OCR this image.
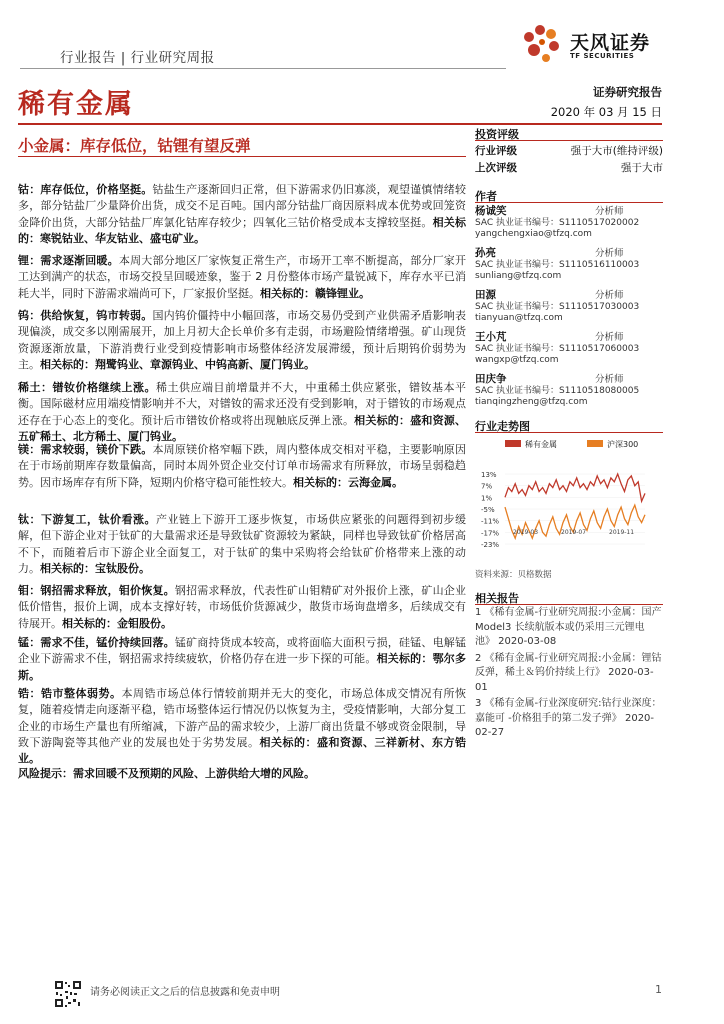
行业报告 | 行业研究周报
天风证券
TF SECURITIES
稀有金属	证券研究报告
2020 年 03 月 15 日
小金属：库存低位，钴锂有望反弹
钴：库存低位，价格坚挺。钴盐生产逐渐回归正常，但下游需求仍旧寡淡，观望谨慎情绪较多，部分钴盐厂少量降价出货，成交不足百吨。国内部分钴盐厂商因原料成本优势或回笼资金降价出货，大部分钴盐厂库氯化钴库存较少；四氧化三钴价格受成本支撑较坚挺。相关标的：寒锐钴业、华友钴业、盛屯矿业。
锂：需求逐渐回暖。本周大部分地区厂家恢复正常生产，市场开工率不断提高，部分厂家开工达到满产的状态，市场交投呈回暖迹象，鉴于 2 月份整体市场产量锐减下，库存水平已消耗大半，同时下游需求端尚可下，厂家报价坚挺。相关标的：赣锋锂业。
钨：供给恢复，钨市转弱。国内钨价僵持中小幅回落，市场交易仍受到产业供需矛盾影响表现偏淡，成交多以刚需展开，加上月初大企长单价多有走弱，市场避险情绪增强。矿山现货资源逐渐放量，下游消费行业受到疫情影响市场整体经济发展滞缓，预计后期钨价弱势为主。相关标的：翔鹭钨业、章源钨业、中钨高新、厦门钨业。
稀土：镨钕价格继续上涨。稀土供应端目前增量并不大，中重稀土供应紧张，镨钕基本平衡。国际磁材应用端疫情影响并不大，对镨钕的需求还没有受到影响，对于镨钕的市场观点还存在于心态上的变化。预计后市镨钕价格或将出现触底反弹上涨。相关标的：盛和资源、五矿稀土、北方稀土、厦门钨业。
镁：需求较弱，镁价下跌。本周原镁价格窄幅下跌，周内整体成交相对平稳，主要影响原因在于市场前期库存数量偏高，同时本周外贸企业交付订单市场需求有所释放，市场呈弱稳趋势。因市场库存有所下降，短期内价格守稳可能性较大。相关标的：云海金属。
钛：下游复工，钛价看涨。产业链上下游开工逐步恢复，市场供应紧张的问题得到初步缓解，但下游企业对于钛矿的大量需求还是导致钛矿资源较为紧缺，同样也导致钛矿价格居高不下，而随着后市下游企业全面复工，对于钛矿的集中采购将会给钛矿价格带来上涨的动力。相关标的：宝钛股份。
钼：钢招需求释放，钼价恢复。钢招需求释放，代表性矿山钼精矿对外报价上涨，矿山企业低价惜售，报价上调，成本支撑好转，市场低价货源减少，散货市场询盘增多，后续成交有待展开。相关标的：金钼股份。
锰：需求不佳，锰价持续回落。锰矿商持货成本较高，或将面临大面积亏损，硅锰、电解锰企业下游需求不佳，钢招需求持续疲软，价格仍存在进一步下探的可能。相关标的：鄂尔多斯。
锆：锆市整体弱势。本周锆市场总体行情较前期并无大的变化，市场总体成交情况有所恢复，随着疫情走向逐渐平稳，锆市场整体运行情况仍以恢复为主，受疫情影响，大部分复工企业的市场生产量也有所缩减，下游产品的需求较少，上游厂商出货量不够或资金限制，导致下游陶瓷等其他产业的发展也处于劣势发展。相关标的：盛和资源、三祥新材、东方锆业。
风险提示：需求回暖不及预期的风险、上游供给大增的风险。
投资评级
行业评级	强于大市(维持评级)
上次评级	强于大市
作者
杨诚笑	分析师
SAC 执业证书编号：S1110517020002
yangchengxiao@tfzq.com
孙亮	分析师
SAC 执业证书编号：S1110516110003
sunliang@tfzq.com
田源	分析师
SAC 执业证书编号：S1110517030003
tianyuan@tfzq.com
王小芃	分析师
SAC 执业证书编号：S1110517060003
wangxp@tfzq.com
田庆争	分析师
SAC 执业证书编号：S1110518080005
tianqingzheng@tfzq.com
行业走势图
稀有金属	沪深300
13%
7%
1%
-5%
-11%
-17%
-23%
2019-03	2019-07	2019-11
资料来源：贝格数据
相关报告
1 《稀有金属-行业研究周报:小金属：国产 Model3 长续航版本或仍采用三元锂电池》 2020-03-08
2 《稀有金属-行业研究周报:小金属：锂钴反弹，稀土＆钨价持续上行》 2020-03-01
3 《稀有金属-行业深度研究:钴行业深度：嘉能可 -价格狙手的第二发子弹》 2020-02-27
请务必阅读正文之后的信息披露和免责申明	1
